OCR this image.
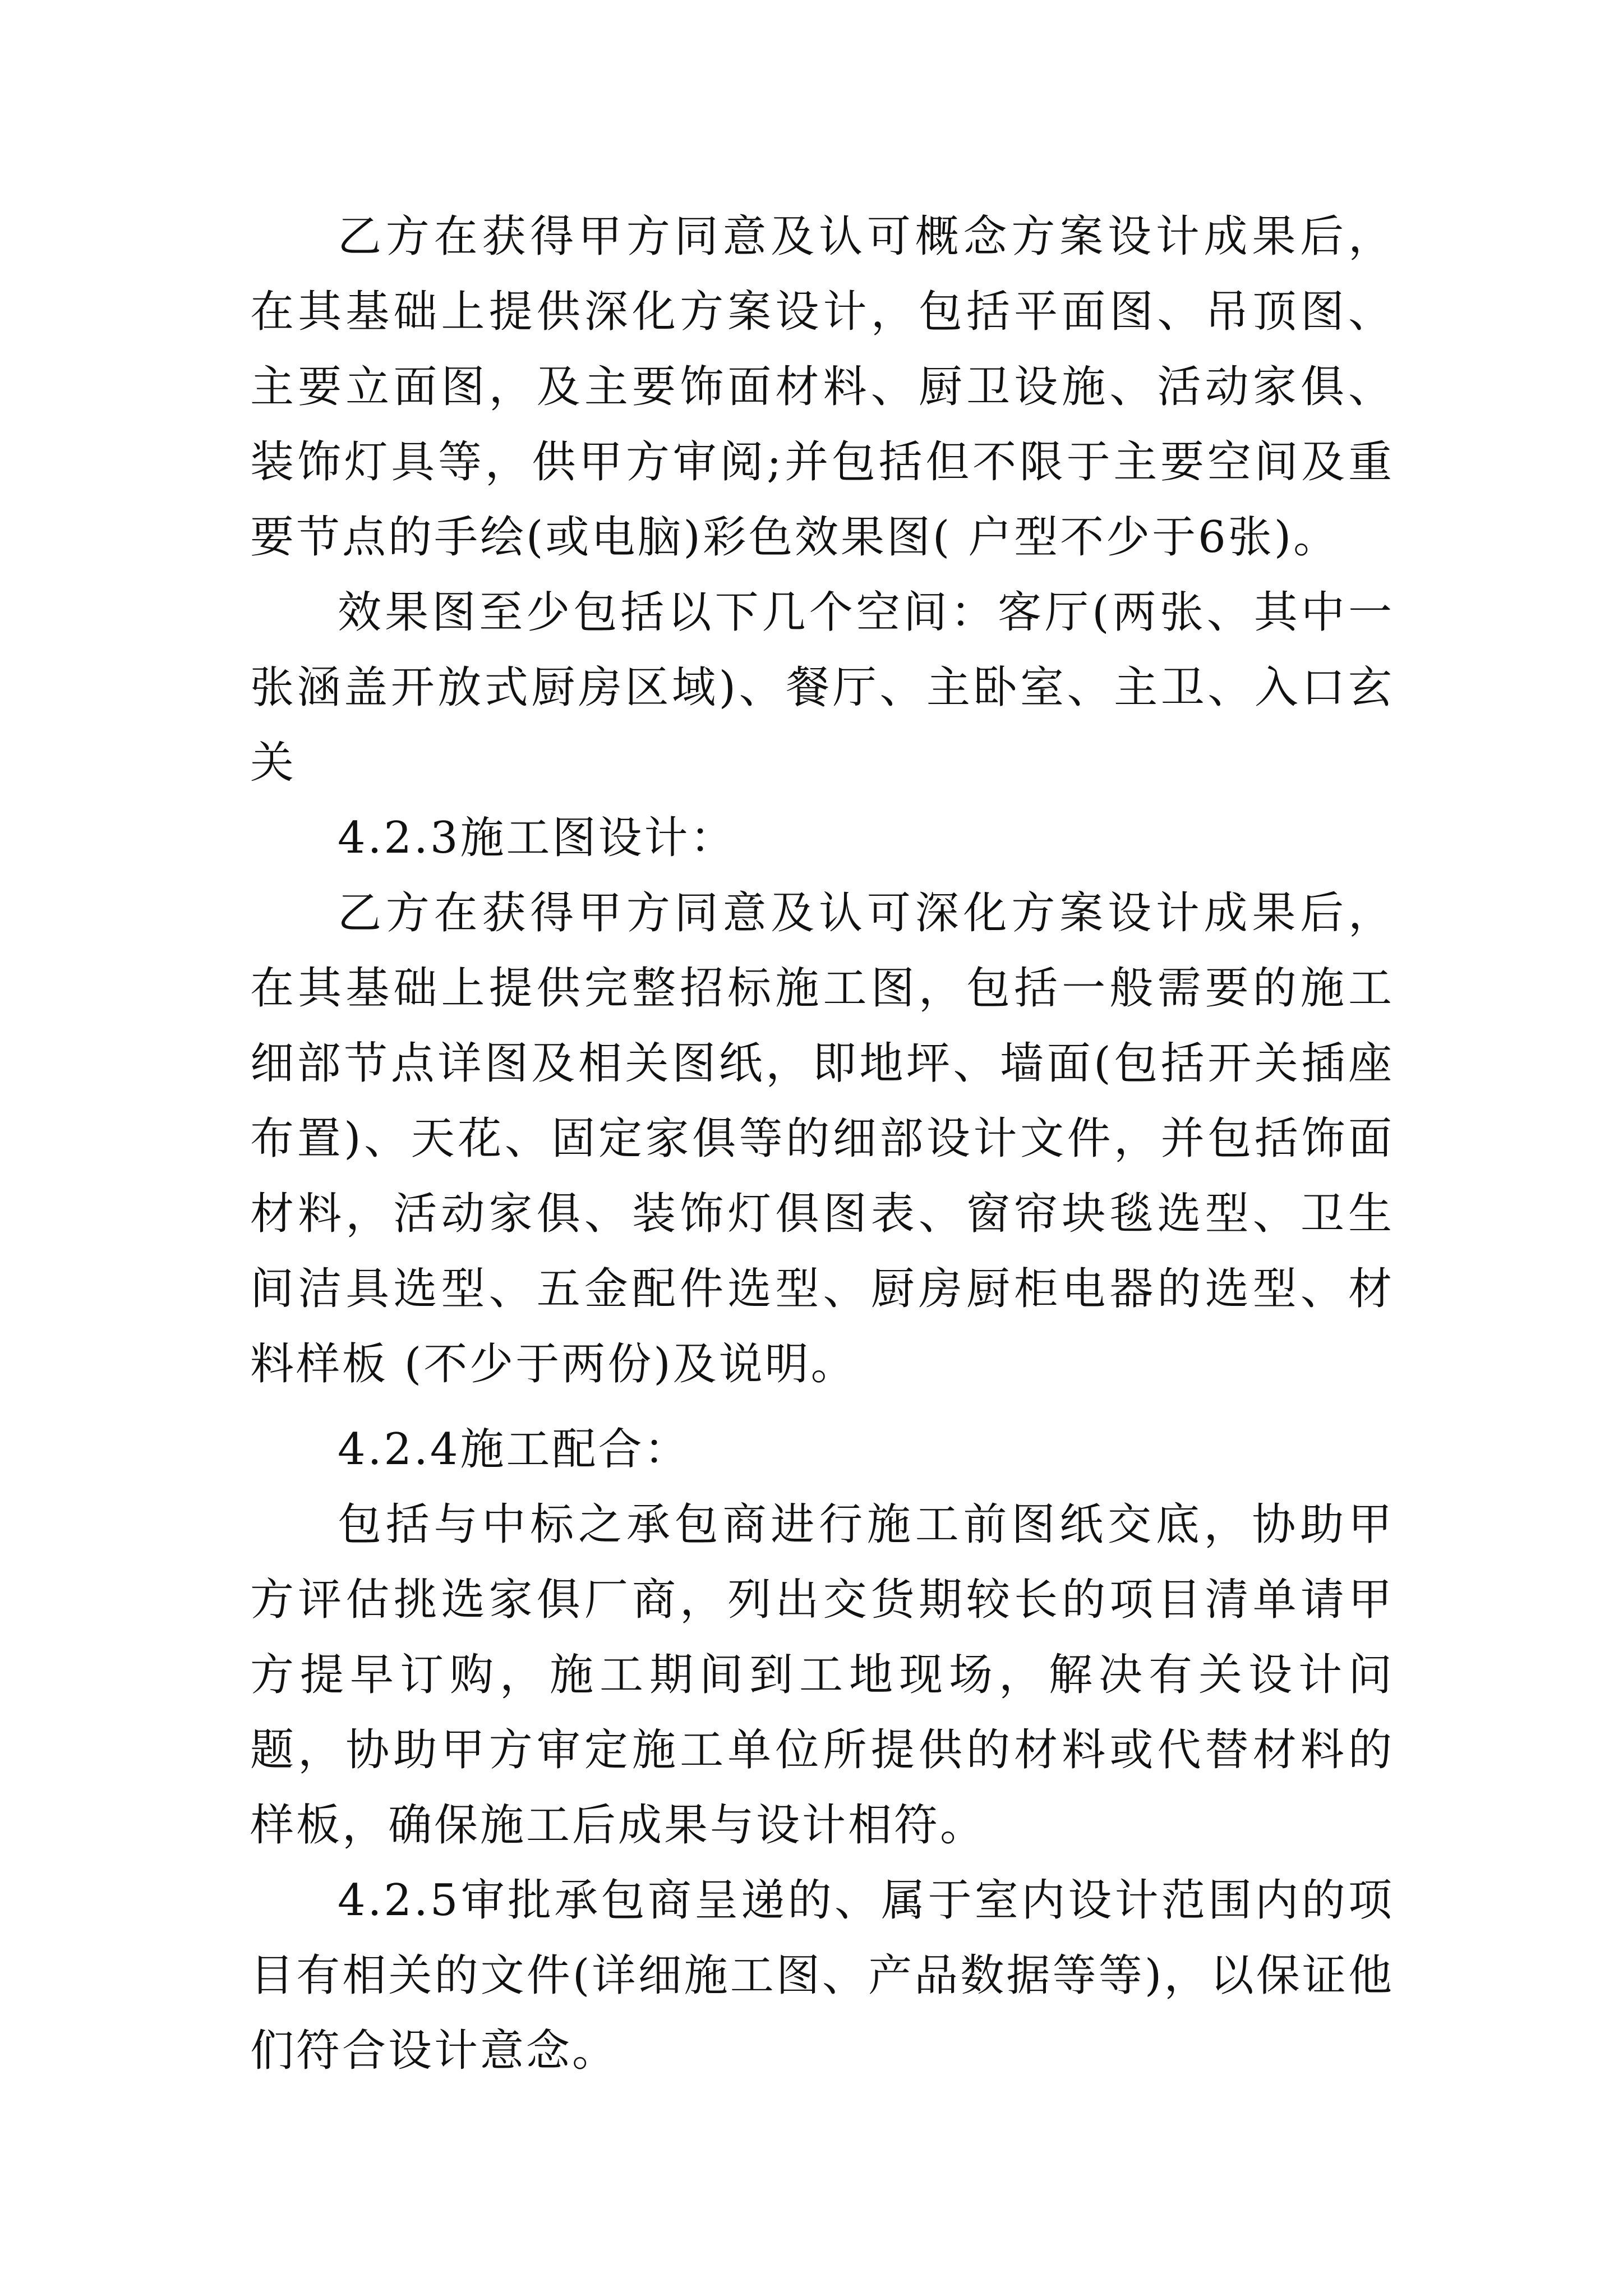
乙方在获得甲方同意及认可概念方案设计成果后，在其基础上提供深化方案设计，包括平面图、吊顶图、主要立面图，及主要饰面材料、厨卫设施、活动家俱、装饰灯具等，供甲方审阅;并包括但不限于主要空间及重要节点的手绘(或电脑)彩色效果图( 户型不少于6张)。

效果图至少包括以下几个空间：客厅(两张、其中一张涵盖开放式厨房区域)、餐厅、主卧室、主卫、入口玄关

4.2.3施工图设计：

乙方在获得甲方同意及认可深化方案设计成果后，在其基础上提供完整招标施工图，包括一般需要的施工细部节点详图及相关图纸，即地坪、墙面(包括开关插座布置)、天花、固定家俱等的细部设计文件，并包括饰面材料，活动家俱、装饰灯俱图表、窗帘块毯选型、卫生间洁具选型、五金配件选型、厨房厨柜电器的选型、材料样板 (不少于两份)及说明。

4.2.4施工配合：

包括与中标之承包商进行施工前图纸交底，协助甲方评估挑选家俱厂商，列出交货期较长的项目清单请甲方提早订购，施工期间到工地现场，解决有关设计问题，协助甲方审定施工单位所提供的材料或代替材料的样板，确保施工后成果与设计相符。

4.2.5审批承包商呈递的、属于室内设计范围内的项目有相关的文件(详细施工图、产品数据等等)，以保证他们符合设计意念。
